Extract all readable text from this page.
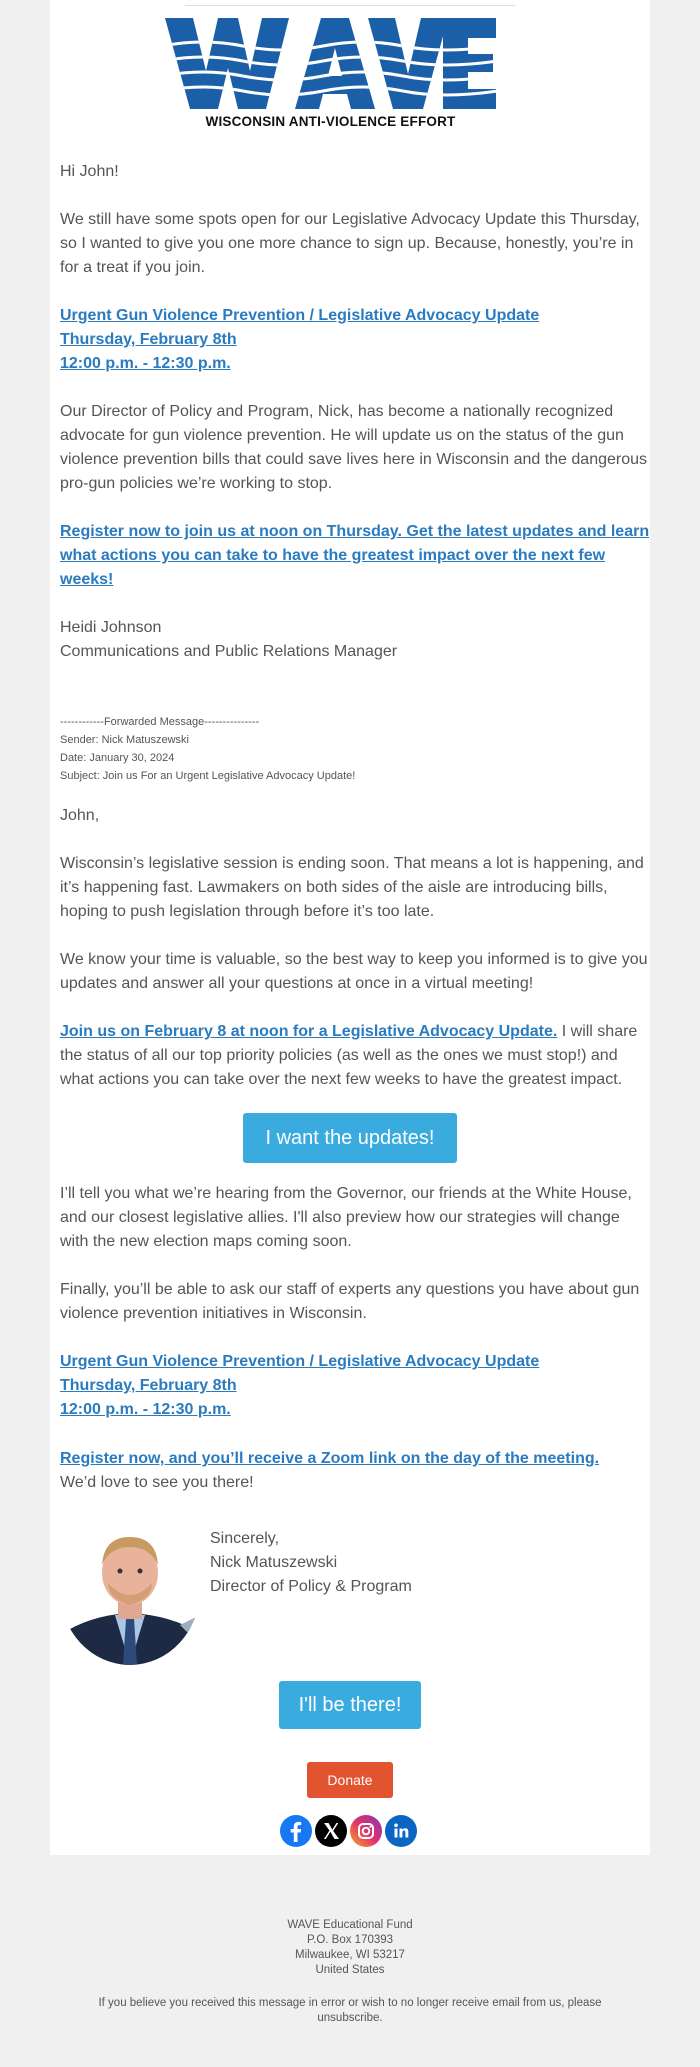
WISCONSIN ANTI-VIOLENCE EFFORT
Hi John!
We still have some spots open for our Legislative Advocacy Update this Thursday, so I wanted to give you one more chance to sign up. Because, honestly, you’re in for a treat if you join.
Urgent Gun Violence Prevention / Legislative Advocacy Update
Thursday, February 8th
12:00 p.m. - 12:30 p.m.
Our Director of Policy and Program, Nick, has become a nationally recognized advocate for gun violence prevention. He will update us on the status of the gun violence prevention bills that could save lives here in Wisconsin and the dangerous pro-gun policies we’re working to stop.
Register now to join us at noon on Thursday. Get the latest updates and learn what actions you can take to have the greatest impact over the next few weeks!
Heidi Johnson
Communications and Public Relations Manager
------------Forwarded Message---------------
Sender: Nick Matuszewski
Date: January 30, 2024
Subject: Join us For an Urgent Legislative Advocacy Update!
John,
Wisconsin’s legislative session is ending soon. That means a lot is happening, and it’s happening fast. Lawmakers on both sides of the aisle are introducing bills, hoping to push legislation through before it’s too late.
We know your time is valuable, so the best way to keep you informed is to give you updates and answer all your questions at once in a virtual meeting!
Join us on February 8 at noon for a Legislative Advocacy Update. I will share the status of all our top priority policies (as well as the ones we must stop!) and what actions you can take over the next few weeks to have the greatest impact.
I want the updates!
I’ll tell you what we’re hearing from the Governor, our friends at the White House, and our closest legislative allies. I'll also preview how our strategies will change with the new election maps coming soon.
Finally, you’ll be able to ask our staff of experts any questions you have about gun violence prevention initiatives in Wisconsin.
Urgent Gun Violence Prevention / Legislative Advocacy Update
Thursday, February 8th
12:00 p.m. - 12:30 p.m.
Register now, and you’ll receive a Zoom link on the day of the meeting.
We’d love to see you there!
Sincerely,
Nick Matuszewski
Director of Policy & Program
I'll be there!
Donate
WAVE Educational Fund
P.O. Box 170393
Milwaukee, WI 53217
United States
If you believe you received this message in error or wish to no longer receive email from us, please unsubscribe.
